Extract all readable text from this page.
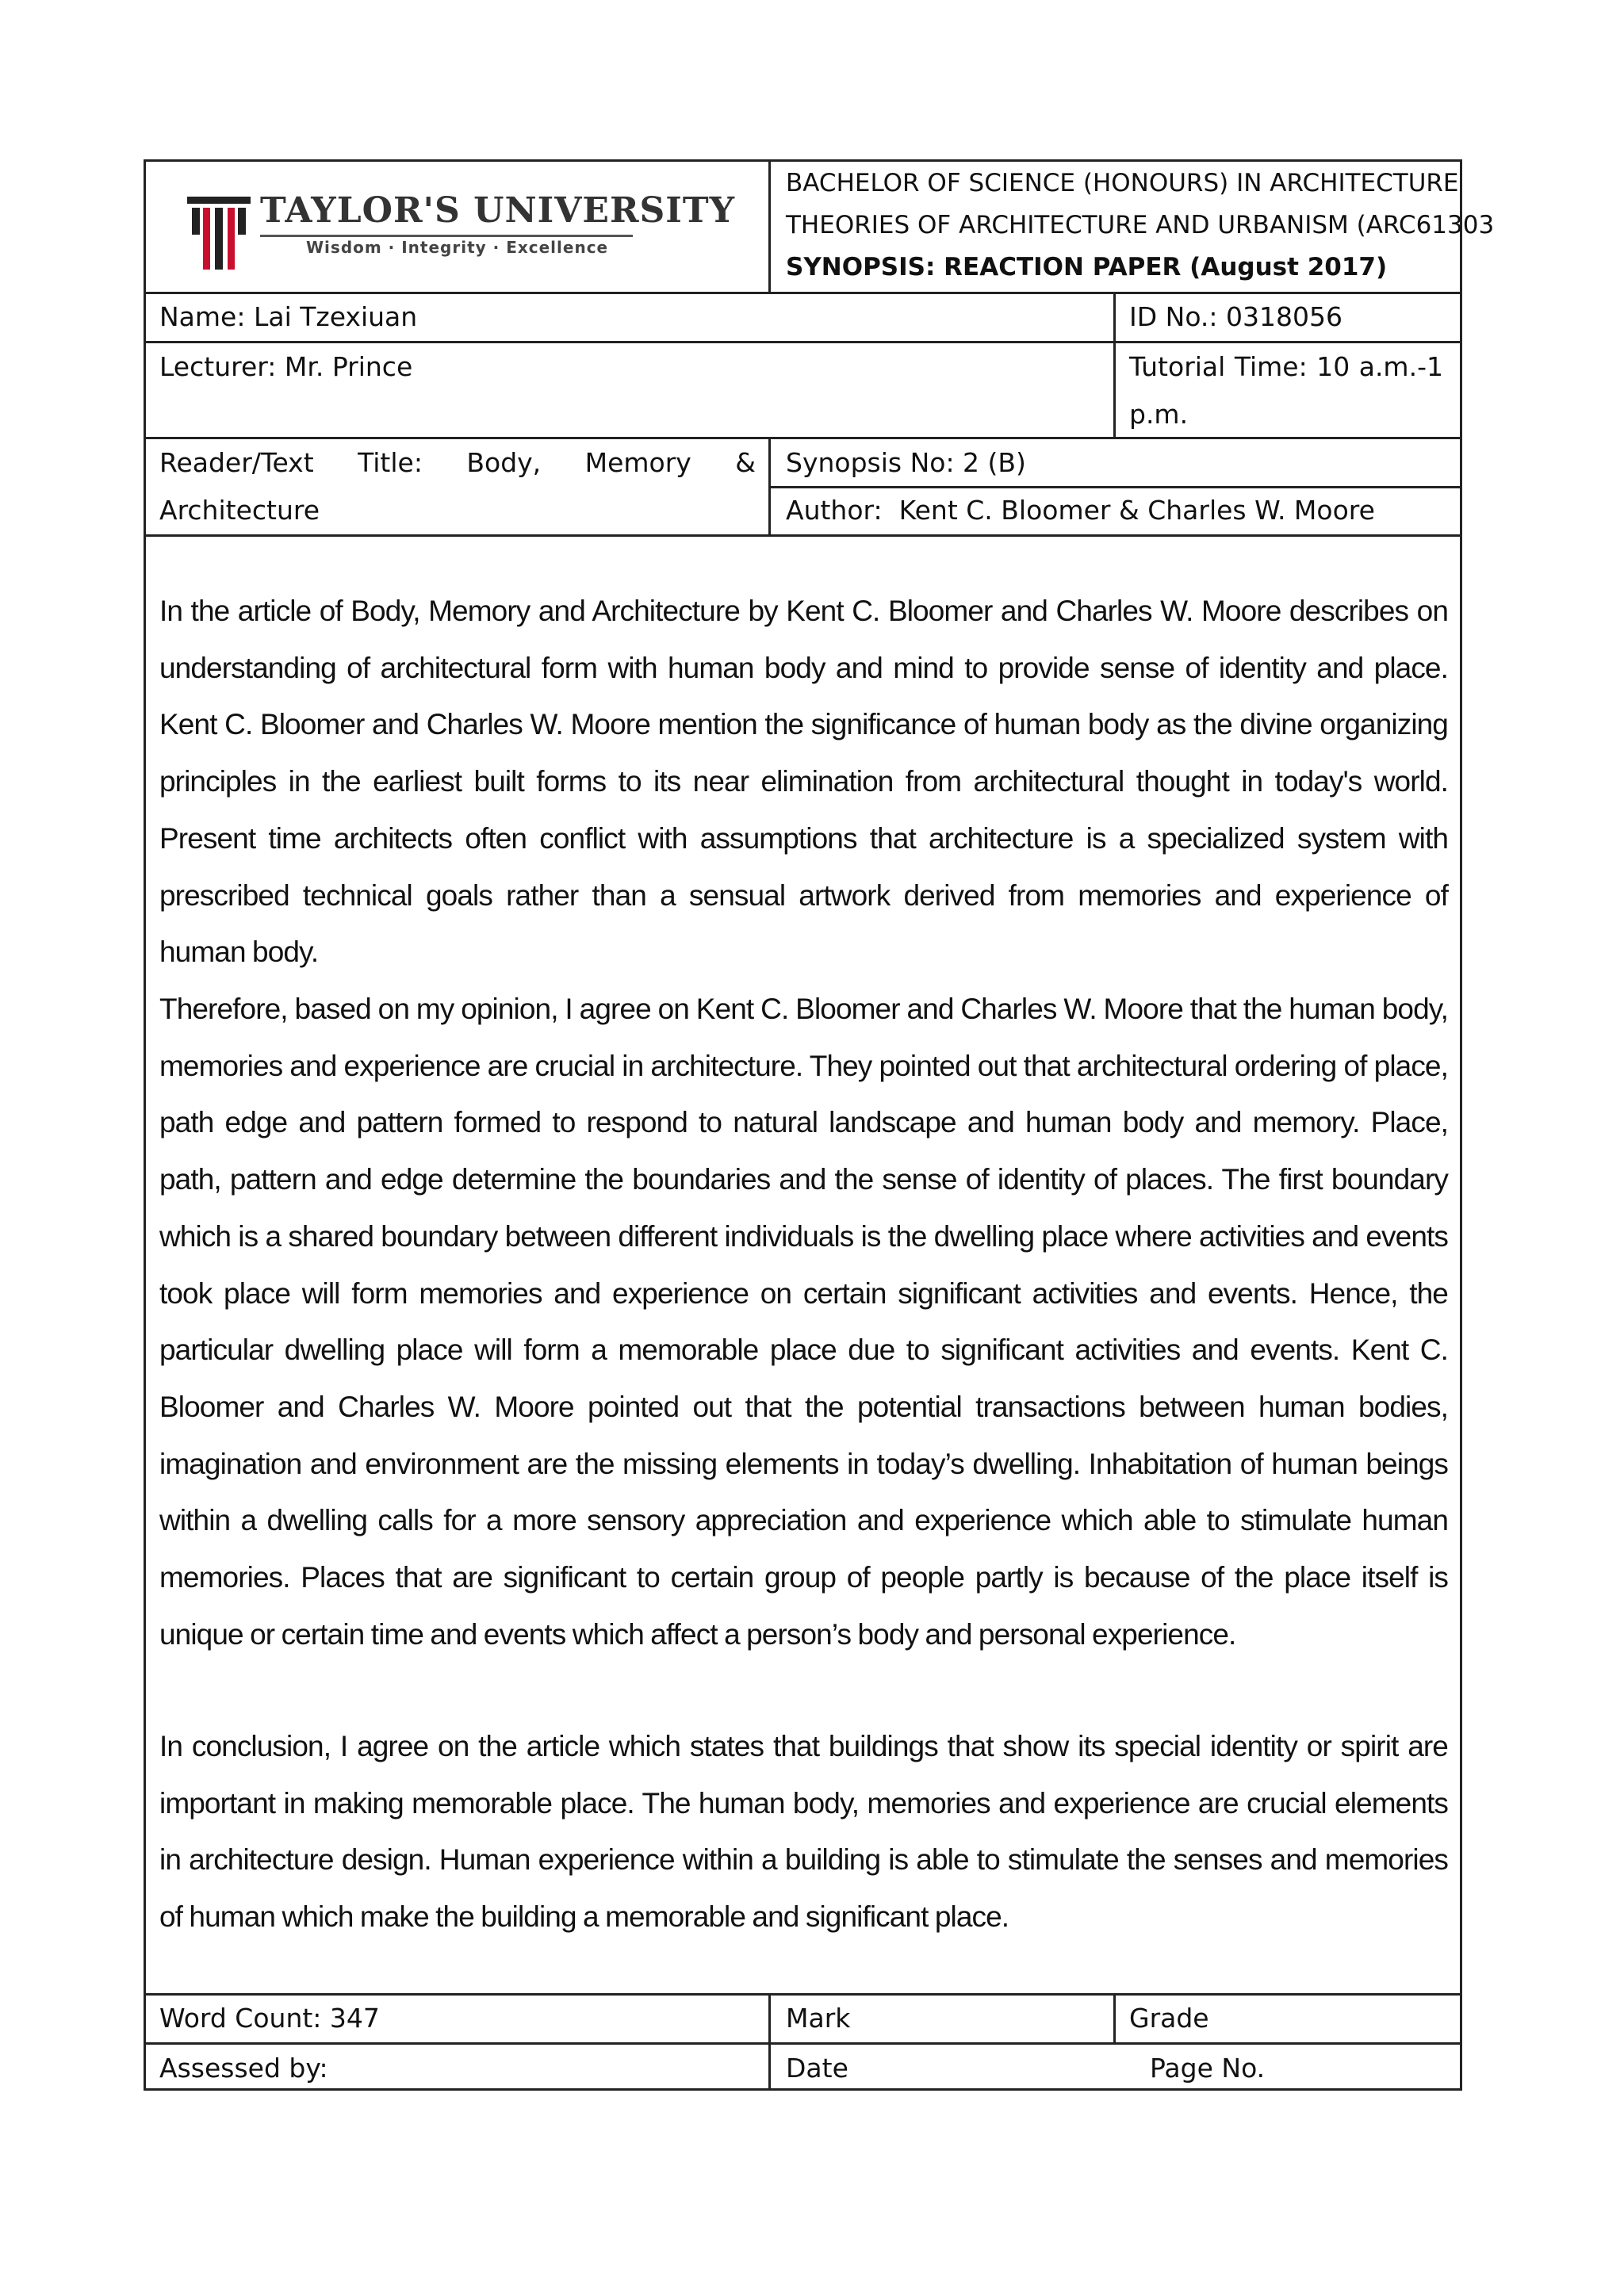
TAYLOR'S UNIVERSITY
Wisdom · Integrity · Excellence
BACHELOR OF SCIENCE (HONOURS) IN ARCHITECTURE
THEORIES OF ARCHITECTURE AND URBANISM (ARC61303
SYNOPSIS: REACTION PAPER (August 2017)
Name: Lai Tzexiuan	ID No.: 0318056
Lecturer: Mr. Prince	Tutorial Time: 10 a.m.-1
p.m.
Reader/Text Title: Body, Memory &
Architecture
Synopsis No: 2 (B)
Author:  Kent C. Bloomer & Charles W. Moore
In the article of Body, Memory and Architecture by Kent C. Bloomer and Charles W. Moore describes on understanding of architectural form with human body and mind to provide sense of identity and place. Kent C. Bloomer and Charles W. Moore mention the significance of human body as the divine organizing principles in the earliest built forms to its near elimination from architectural thought in today's world. Present time architects often conflict with assumptions that architecture is a specialized system with prescribed technical goals rather than a sensual artwork derived from memories and experience of human body.
Therefore, based on my opinion, I agree on Kent C. Bloomer and Charles W. Moore that the human body, memories and experience are crucial in architecture. They pointed out that architectural ordering of place, path edge and pattern formed to respond to natural landscape and human body and memory. Place, path, pattern and edge determine the boundaries and the sense of identity of places. The first boundary which is a shared boundary between different individuals is the dwelling place where activities and events took place will form memories and experience on certain significant activities and events. Hence, the particular dwelling place will form a memorable place due to significant activities and events. Kent C. Bloomer and Charles W. Moore pointed out that the potential transactions between human bodies, imagination and environment are the missing elements in today’s dwelling. Inhabitation of human beings within a dwelling calls for a more sensory appreciation and experience which able to stimulate human memories. Places that are significant to certain group of people partly is because of the place itself is unique or certain time and events which affect a person’s body and personal experience.
In conclusion, I agree on the article which states that buildings that show its special identity or spirit are important in making memorable place. The human body, memories and experience are crucial elements in architecture design. Human experience within a building is able to stimulate the senses and memories of human which make the building a memorable and significant place.
Word Count: 347	Mark	Grade
Assessed by:	Date	Page No.
